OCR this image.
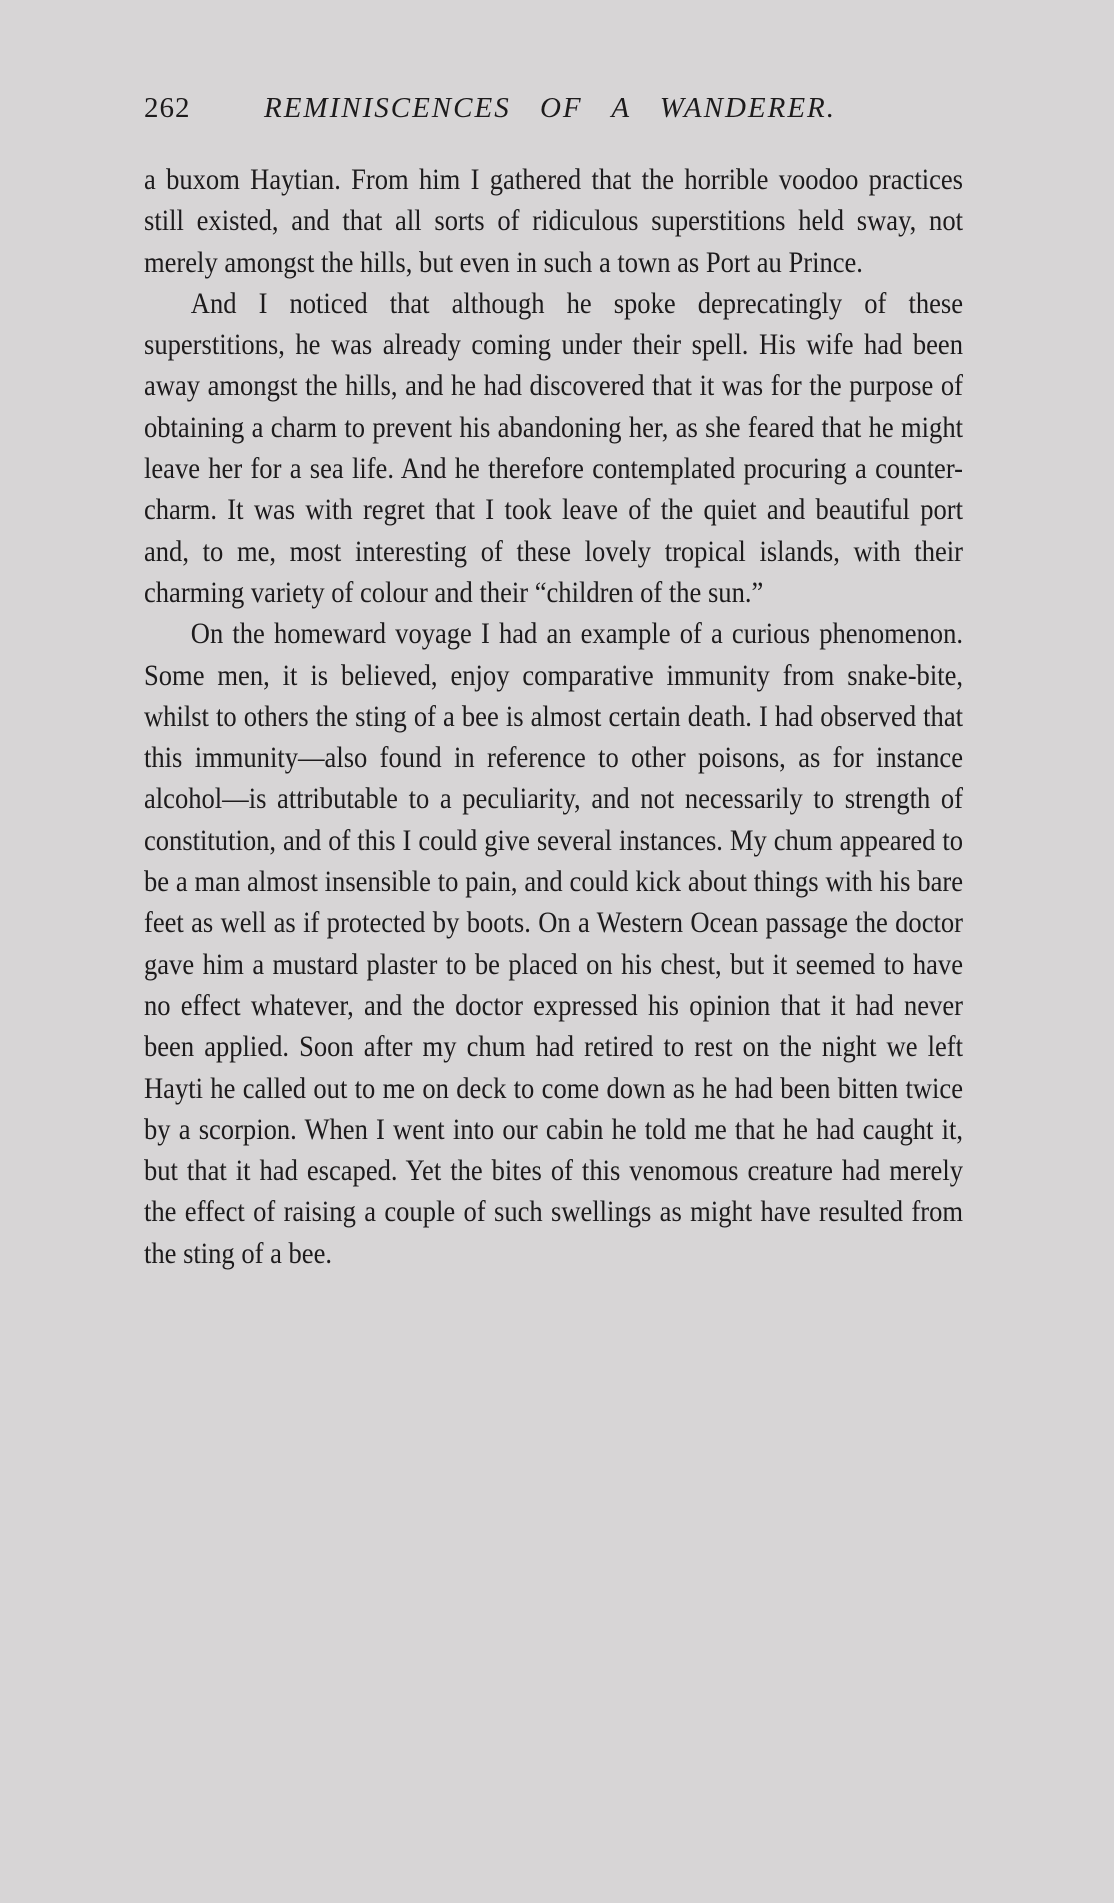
262	REMINISCENCES OF A WANDERER.

a buxom Haytian. From him I gathered that the horrible voodoo practices still existed, and that all sorts of ridiculous superstitions held sway, not merely amongst the hills, but even in such a town as Port au Prince.

And I noticed that although he spoke deprecatingly of these superstitions, he was already coming under their spell. His wife had been away amongst the hills, and he had discovered that it was for the purpose of obtaining a charm to prevent his abandoning her, as she feared that he might leave her for a sea life. And he therefore contemplated procuring a counter-charm. It was with regret that I took leave of the quiet and beautiful port and, to me, most interesting of these lovely tropical islands, with their charming variety of colour and their “children of the sun.”

On the homeward voyage I had an example of a curious phenomenon. Some men, it is believed, enjoy comparative immunity from snake-bite, whilst to others the sting of a bee is almost certain death. I had observed that this immunity—also found in reference to other poisons, as for instance alcohol—is attributable to a peculiarity, and not necessarily to strength of constitution, and of this I could give several instances. My chum appeared to be a man almost insensible to pain, and could kick about things with his bare feet as well as if protected by boots. On a Western Ocean passage the doctor gave him a mustard plaster to be placed on his chest, but it seemed to have no effect whatever, and the doctor expressed his opinion that it had never been applied. Soon after my chum had retired to rest on the night we left Hayti he called out to me on deck to come down as he had been bitten twice by a scorpion. When I went into our cabin he told me that he had caught it, but that it had escaped. Yet the bites of this venomous creature had merely the effect of raising a couple of such swellings as might have resulted from the sting of a bee.
